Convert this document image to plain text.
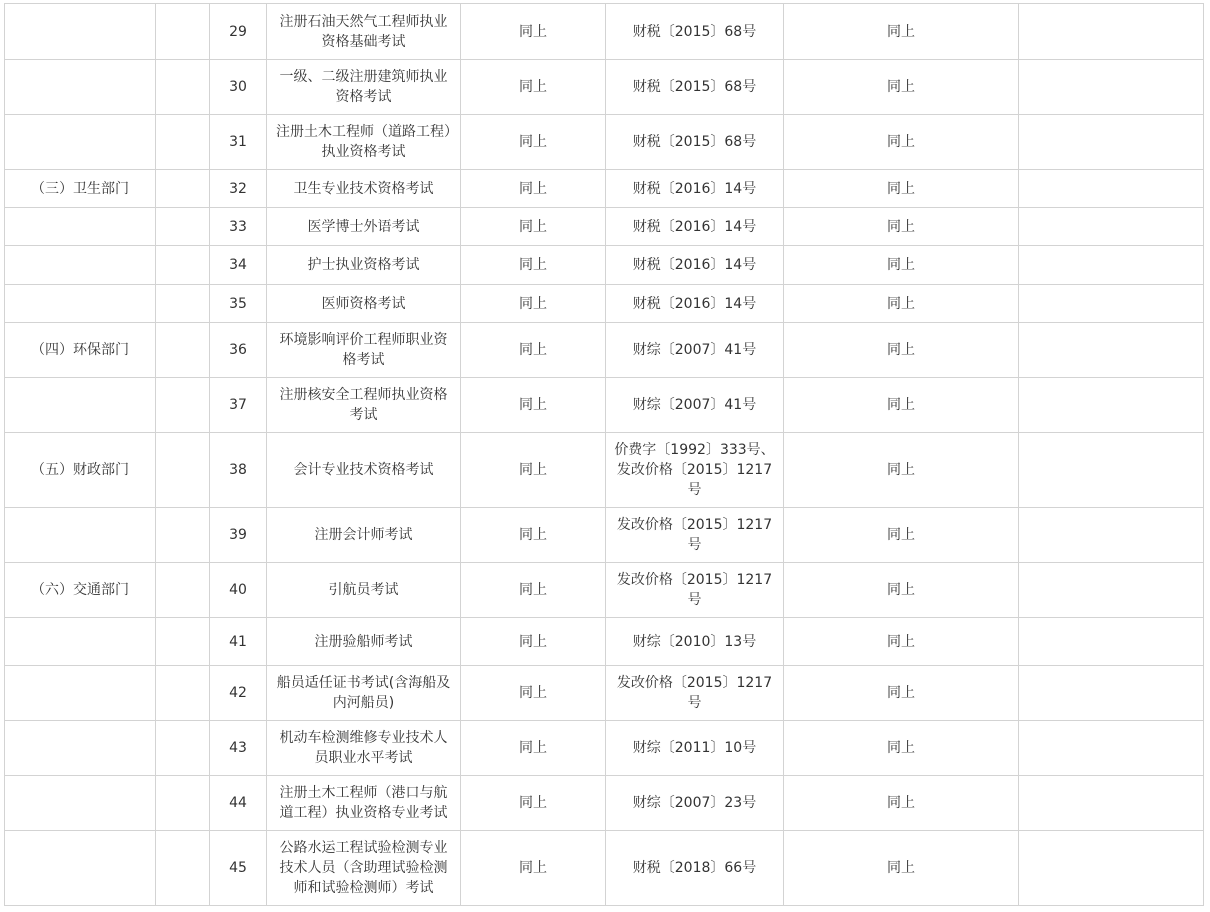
		29	注册石油天然气工程师执业资格基础考试	同上	财税〔2015〕68号	同上	
		30	一级、二级注册建筑师执业资格考试	同上	财税〔2015〕68号	同上	
		31	注册土木工程师（道路工程）执业资格考试	同上	财税〔2015〕68号	同上	
（三）卫生部门		32	卫生专业技术资格考试	同上	财税〔2016〕14号	同上	
		33	医学博士外语考试	同上	财税〔2016〕14号	同上	
		34	护士执业资格考试	同上	财税〔2016〕14号	同上	
		35	医师资格考试	同上	财税〔2016〕14号	同上	
（四）环保部门		36	环境影响评价工程师职业资格考试	同上	财综〔2007〕41号	同上	
		37	注册核安全工程师执业资格考试	同上	财综〔2007〕41号	同上	
（五）财政部门		38	会计专业技术资格考试	同上	价费字〔1992〕333号、发改价格〔2015〕1217号	同上	
		39	注册会计师考试	同上	发改价格〔2015〕1217号	同上	
（六）交通部门		40	引航员考试	同上	发改价格〔2015〕1217号	同上	
		41	注册验船师考试	同上	财综〔2010〕13号	同上	
		42	船员适任证书考试(含海船及内河船员)	同上	发改价格〔2015〕1217号	同上	
		43	机动车检测维修专业技术人员职业水平考试	同上	财综〔2011〕10号	同上	
		44	注册土木工程师（港口与航道工程）执业资格专业考试	同上	财综〔2007〕23号	同上	
		45	公路水运工程试验检测专业技术人员（含助理试验检测师和试验检测师）考试	同上	财税〔2018〕66号	同上	
